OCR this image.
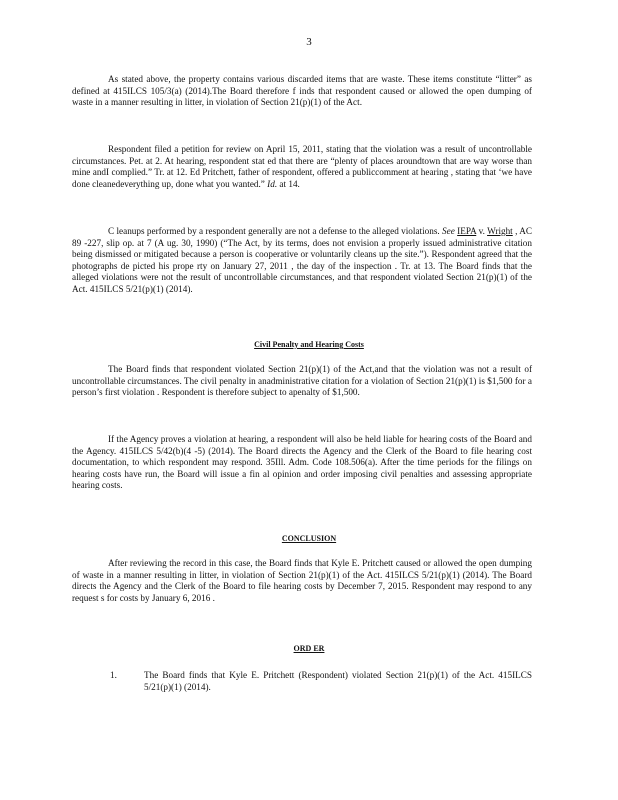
3

As stated above, the property contains various discarded items that are waste. These items constitute “litter” as defined at 415ILCS 105/3(a) (2014).The Board therefore f inds that respondent caused or allowed the open dumping of waste in a manner resulting in litter, in violation of Section 21(p)(1) of the Act.

Respondent filed a petition for review on April 15, 2011, stating that the violation was a result of uncontrollable circumstances. Pet. at 2. At hearing, respondent stat ed that there are “plenty of places aroundtown that are way worse than mine andI complied.” Tr. at 12. Ed Pritchett, father of respondent, offered a publiccomment at hearing , stating that ‘we have done cleanedeverything up, done what you wanted.” Id. at 14.

C leanups performed by a respondent generally are not a defense to the alleged violations. See IEPA v. Wright , AC 89 -227, slip op. at 7 (A ug. 30, 1990) (“The Act, by its terms, does not envision a properly issued administrative citation being dismissed or mitigated because a person is cooperative or voluntarily cleans up the site.”). Respondent agreed that the photographs de picted his prope rty on January 27, 2011 , the day of the inspection . Tr. at 13. The Board finds that the alleged violations were not the result of uncontrollable circumstances, and that respondent violated Section 21(p)(1) of the Act. 415ILCS 5/21(p)(1) (2014).

Civil Penalty and Hearing Costs

The Board finds that respondent violated Section 21(p)(1) of the Act,and that the violation was not a result of uncontrollable circumstances. The civil penalty in anadministrative citation for a violation of Section 21(p)(1) is $1,500 for a person’s first violation . Respondent is therefore subject to apenalty of $1,500.

If the Agency proves a violation at hearing, a respondent will also be held liable for hearing costs of the Board and the Agency. 415ILCS 5/42(b)(4 -5) (2014). The Board directs the Agency and the Clerk of the Board to file hearing cost documentation, to which respondent may respond. 35Ill. Adm. Code 108.506(a). After the time periods for the filings on hearing costs have run, the Board will issue a fin al opinion and order imposing civil penalties and assessing appropriate hearing costs.

CONCLUSION

After reviewing the record in this case, the Board finds that Kyle E. Pritchett caused or allowed the open dumping of waste in a manner resulting in litter, in violation of Section 21(p)(1) of the Act. 415ILCS 5/21(p)(1) (2014). The Board directs the Agency and the Clerk of the Board to file hearing costs by December 7, 2015. Respondent may respond to any request s for costs by January 6, 2016 .

ORD ER

1.	The Board finds that Kyle E. Pritchett (Respondent) violated Section 21(p)(1) of the Act. 415ILCS 5/21(p)(1) (2014).
